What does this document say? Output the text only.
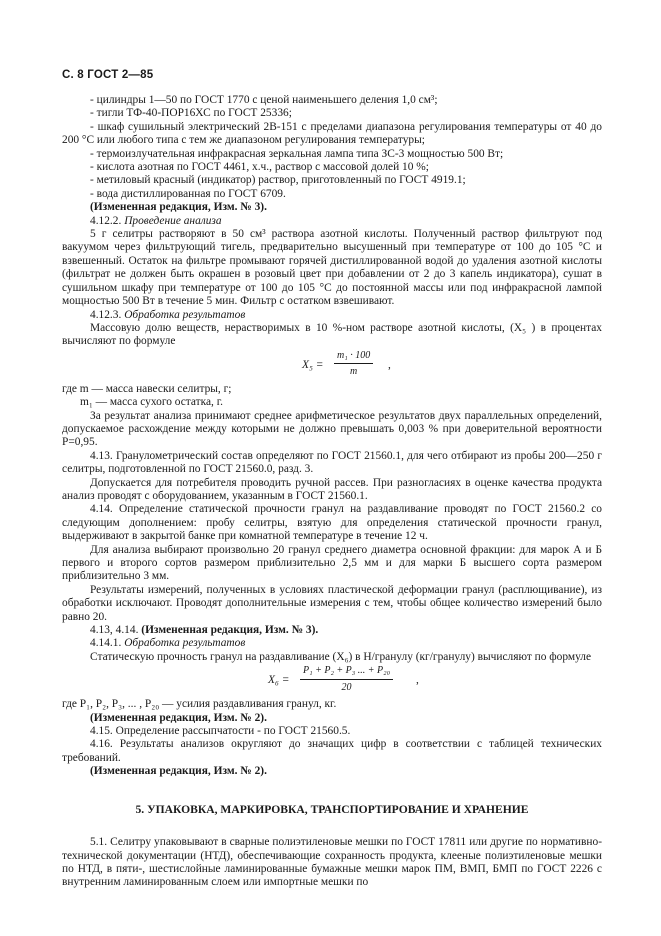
С. 8 ГОСТ 2—85

- цилиндры 1—50 по ГОСТ 1770 с ценой наименьшего деления 1,0 см³;

- тигли ТФ-40-ПОР16ХС по ГОСТ 25336;

- шкаф сушильный электрический 2В-151 с пределами диапазона регулирования температуры от 40 до 200 °С или любого типа с тем же диапазоном регулирования температуры;

- термоизлучательная инфракрасная зеркальная лампа типа ЗС-3 мощностью 500 Вт;

- кислота азотная по ГОСТ 4461, х.ч., раствор с массовой долей 10 %;

- метиловый красный (индикатор) раствор, приготовленный по ГОСТ 4919.1;

- вода дистиллированная по ГОСТ 6709.

(Измененная редакция, Изм. № 3).

4.12.2. Проведение анализа

5 г селитры растворяют в 50 см³ раствора азотной кислоты. Полученный раствор фильтруют под вакуумом через фильтрующий тигель, предварительно высушенный при температуре от 100 до 105 °С и взвешенный. Остаток на фильтре промывают горячей дистиллированной водой до удаления азотной кислоты (фильтрат не должен быть окрашен в розовый цвет при добавлении от 2 до 3 капель индикатора), сушат в сушильном шкафу при температуре от 100 до 105 °С до постоянной массы или под инфракрасной лампой мощностью 500 Вт в течение 5 мин. Фильтр с остатком взвешивают.

4.12.3. Обработка результатов

Массовую долю веществ, нерастворимых в 10 %-ном растворе азотной кислоты, (X₅ ) в процентах вычисляют по формуле

$X_5 = \frac{\text{m₁ · 100}}{m}$ ,

где m — масса навески селитры, г;

m₁ — масса сухого остатка, г.

За результат анализа принимают среднее арифметическое результатов двух параллельных определений, допускаемое расхождение между которыми не должно превышать 0,003 % при доверительной вероятности P=0,95.

4.13. Гранулометрический состав определяют по ГОСТ 21560.1, для чего отбирают из пробы 200—250 г селитры, подготовленной по ГОСТ 21560.0, разд. 3.

Допускается для потребителя проводить ручной рассев. При разногласиях в оценке качества продукта анализ проводят с оборудованием, указанным в ГОСТ 21560.1.

4.14. Определение статической прочности гранул на раздавливание проводят по ГОСТ 21560.2 со следующим дополнением: пробу селитры, взятую для определения статической прочности гранул, выдерживают в закрытой банке при комнатной температуре в течение 12 ч.

Для анализа выбирают произвольно 20 гранул среднего диаметра основной фракции: для марок А и Б первого и второго сортов размером приблизительно 2,5 мм и для марки Б высшего сорта размером приблизительно 3 мм.

Результаты измерений, полученных в условиях пластической деформации гранул (расплющивание), из обработки исключают. Проводят дополнительные измерения с тем, чтобы общее количество измерений было равно 20.

4.13, 4.14. (Измененная редакция, Изм. № 3).

4.14.1. Обработка результатов

Статическую прочность гранул на раздавливание (X₆) в Н/гранулу (кг/гранулу) вычисляют по формуле

$X_6 = \frac{\text{P₁ + P₂ + P₃ ... + P₂₀}}{20}$ ,

где P₁, P₂, P₃, ... , P₂₀ — усилия раздавливания гранул, кг.

(Измененная редакция, Изм. № 2).

4.15. Определение рассыпчатости - по ГОСТ 21560.5.

4.16. Результаты анализов округляют до значащих цифр в соответствии с таблицей технических требований.

(Измененная редакция, Изм. № 2).

5. УПАКОВКА, МАРКИРОВКА, ТРАНСПОРТИРОВАНИЕ И ХРАНЕНИЕ

5.1. Селитру упаковывают в сварные полиэтиленовые мешки по ГОСТ 17811 или другие по нормативно-технической документации (НТД), обеспечивающие сохранность продукта, клееные полиэтиленовые мешки по НТД, в пяти-, шестислойные ламинированные бумажные мешки марок ПМ, ВМП, БМП по ГОСТ 2226 с внутренним ламинированным слоем или импортные мешки по
